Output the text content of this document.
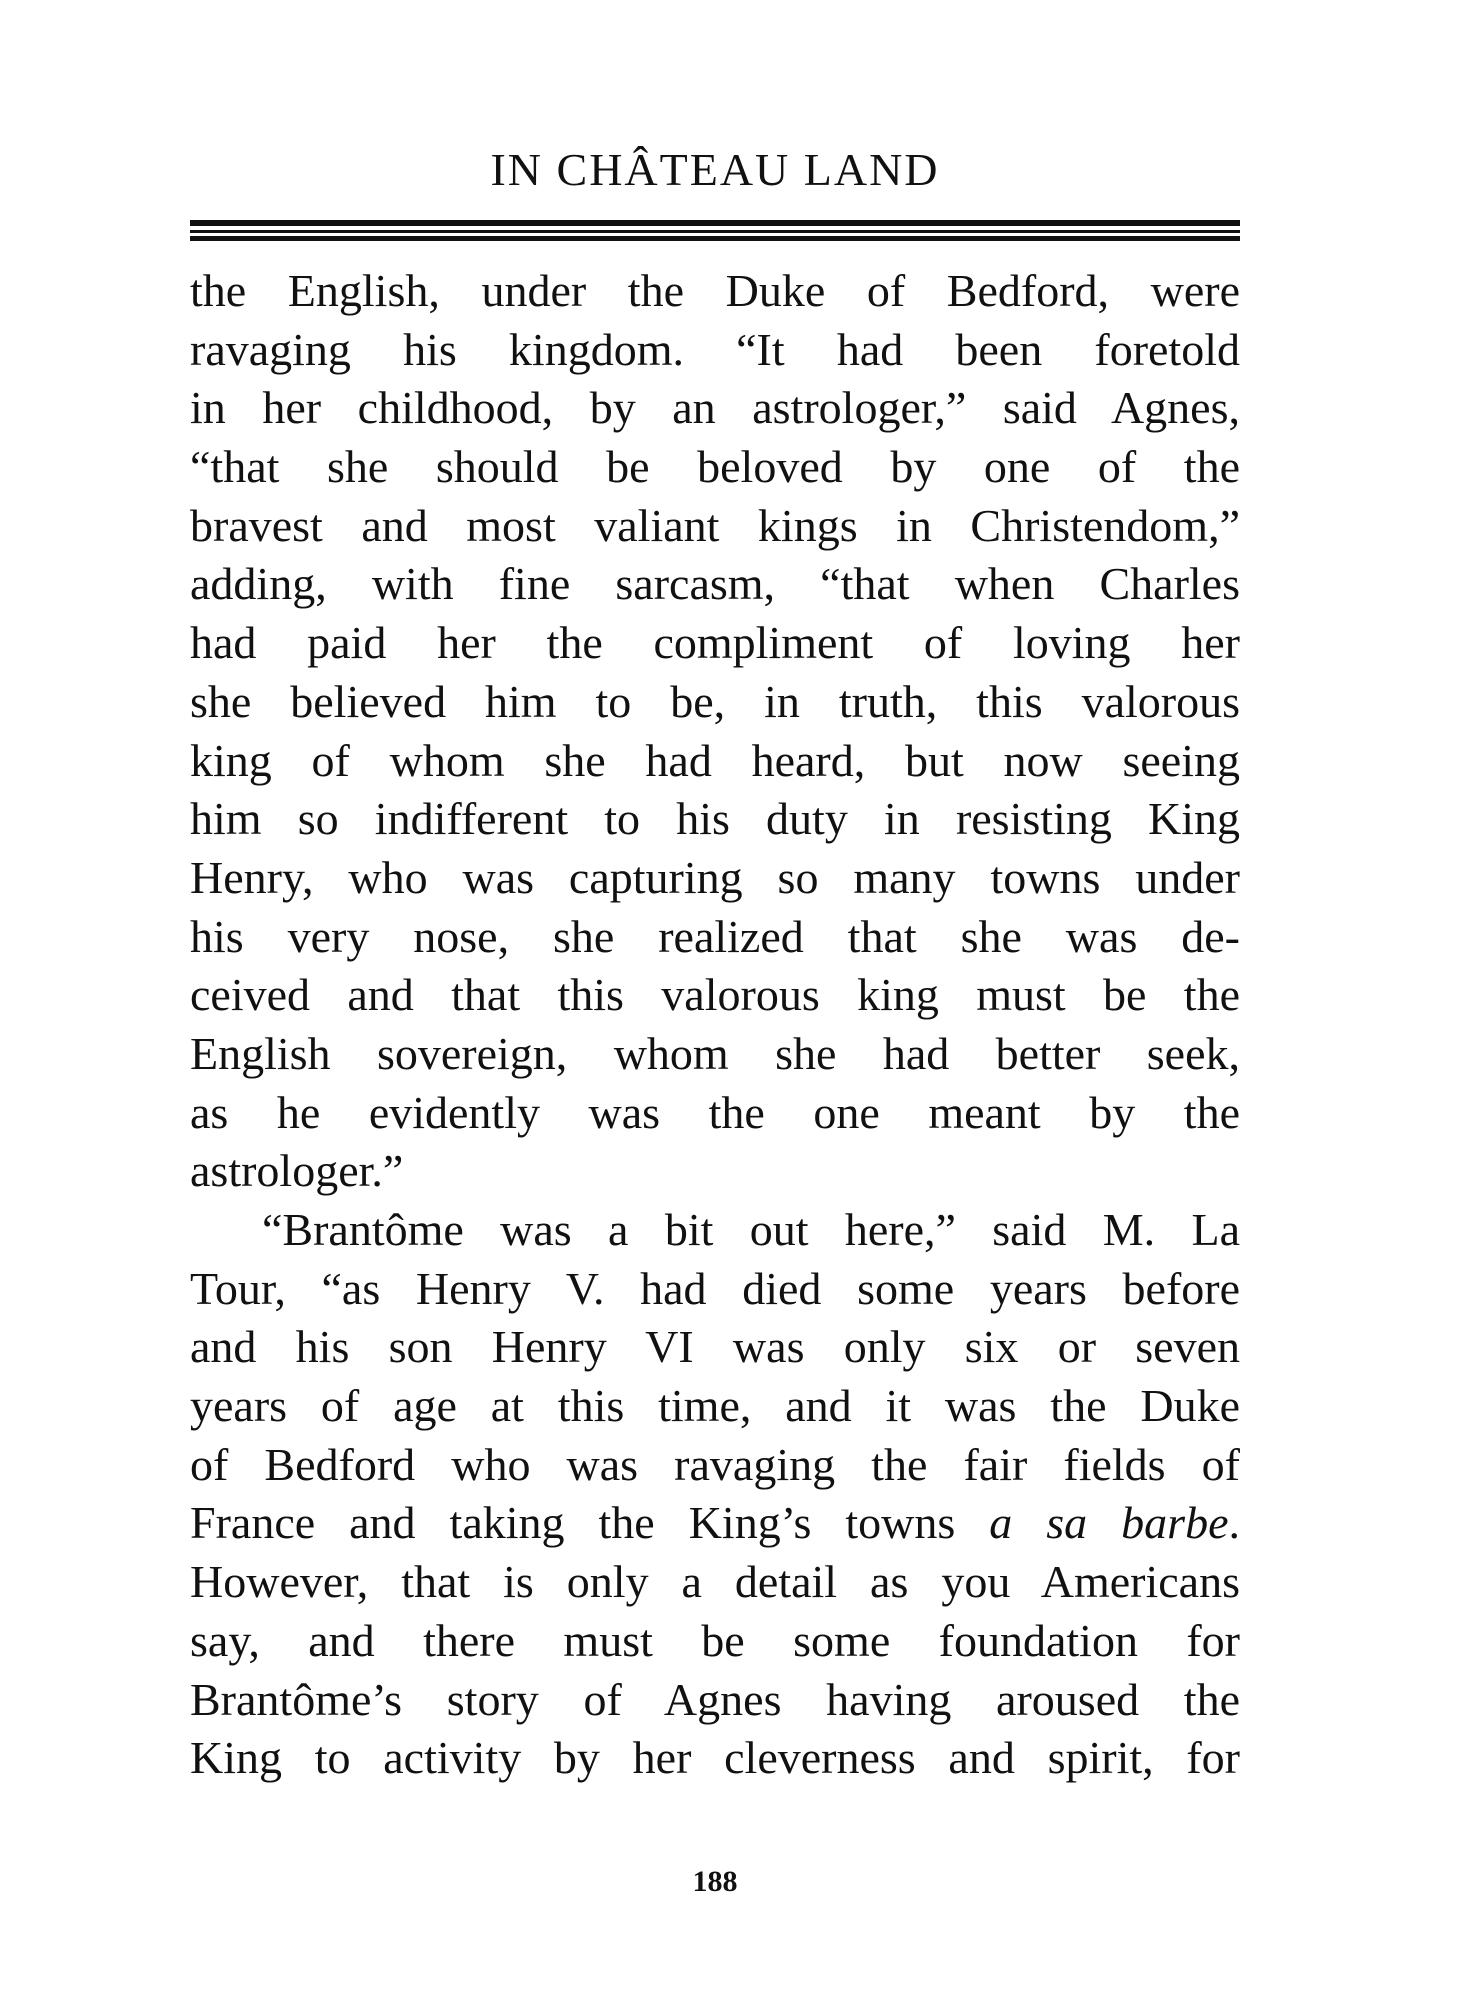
IN CHÂTEAU LAND
the English, under the Duke of Bedford, were
ravaging his kingdom. “It had been foretold
in her childhood, by an astrologer,” said Agnes,
“that she should be beloved by one of the
bravest and most valiant kings in Christendom,”
adding, with fine sarcasm, “that when Charles
had paid her the compliment of loving her
she believed him to be, in truth, this valorous
king of whom she had heard, but now seeing
him so indifferent to his duty in resisting King
Henry, who was capturing so many towns under
his very nose, she realized that she was de-
ceived and that this valorous king must be the
English sovereign, whom she had better seek,
as he evidently was the one meant by the
astrologer.”
“Brantôme was a bit out here,” said M. La
Tour, “as Henry V. had died some years before
and his son Henry VI was only six or seven
years of age at this time, and it was the Duke
of Bedford who was ravaging the fair fields of
France and taking the King’s towns a sa barbe.
However, that is only a detail as you Americans
say, and there must be some foundation for
Brantôme’s story of Agnes having aroused the
King to activity by her cleverness and spirit, for
188
